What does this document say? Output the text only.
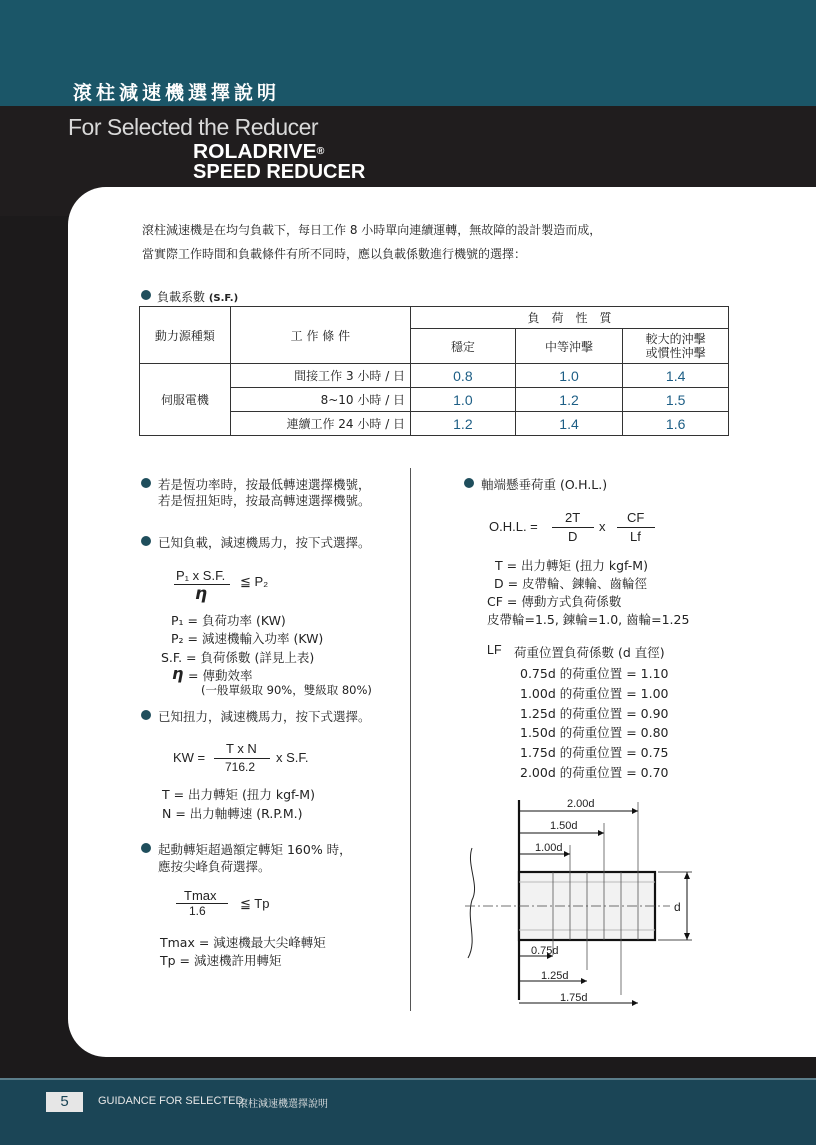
滾柱減速機選擇說明
For Selected the Reducer
ROLADRIVE®
SPEED REDUCER
5	GUIDANCE FOR SELECTED
滾柱減速機選擇說明
滾柱減速機是在均勻負載下，每日工作 8 小時單向連續運轉，無故障的設計製造而成，
當實際工作時間和負載條件有所不同時，應以負載係數進行機號的選擇：
負載系數 (S.F.)
動力源種類	工 作 條 件	負　荷　性　質		
		穩定	中等沖擊	較大的沖擊
或慣性沖擊
伺服電機	間接工作 3 小時 / 日	0.8	1.0	1.4
	8~10 小時 / 日	1.0	1.2	1.5
	連續工作 24 小時 / 日	1.2	1.4	1.6
若是恆功率時，按最低轉速選擇機號，
若是恆扭矩時，按最高轉速選擇機號。
已知負載，減速機馬力，按下式選擇。
P₁ x S.F.
η
≦ P₂
P₁ = 負荷功率 (KW)
P₂ = 減速機輸入功率 (KW)
S.F. = 負荷係數 (詳見上表)
η = 傳動效率
(一般單級取 90%，雙級取 80%)
已知扭力，減速機馬力，按下式選擇。
KW =
T x N
716.2
x S.F.
T = 出力轉矩 (扭力 kgf-M)
N = 出力軸轉速 (R.P.M.)
起動轉矩超過額定轉矩 160% 時，
應按尖峰負荷選擇。
Tmax
1.6	≦ Tp
Tmax = 減速機最大尖峰轉矩
Tp = 減速機許用轉矩
軸端懸垂荷重 (O.H.L.)
O.H.L. =
2T
D
x
CF
Lf
T = 出力轉矩 (扭力 kgf-M)
D = 皮帶輪、鍊輪、齒輪徑
CF = 傳動方式負荷係數
皮帶輪=1.5, 鍊輪=1.0, 齒輪=1.25
LF 荷重位置負荷係數 (d 直徑)
0.75d 的荷重位置 = 1.10
1.00d 的荷重位置 = 1.00
1.25d 的荷重位置 = 0.90
1.50d 的荷重位置 = 0.80
1.75d 的荷重位置 = 0.75
2.00d 的荷重位置 = 0.70
2.00d
1.50d
1.00d
0.75d
1.25d
1.75d
d
